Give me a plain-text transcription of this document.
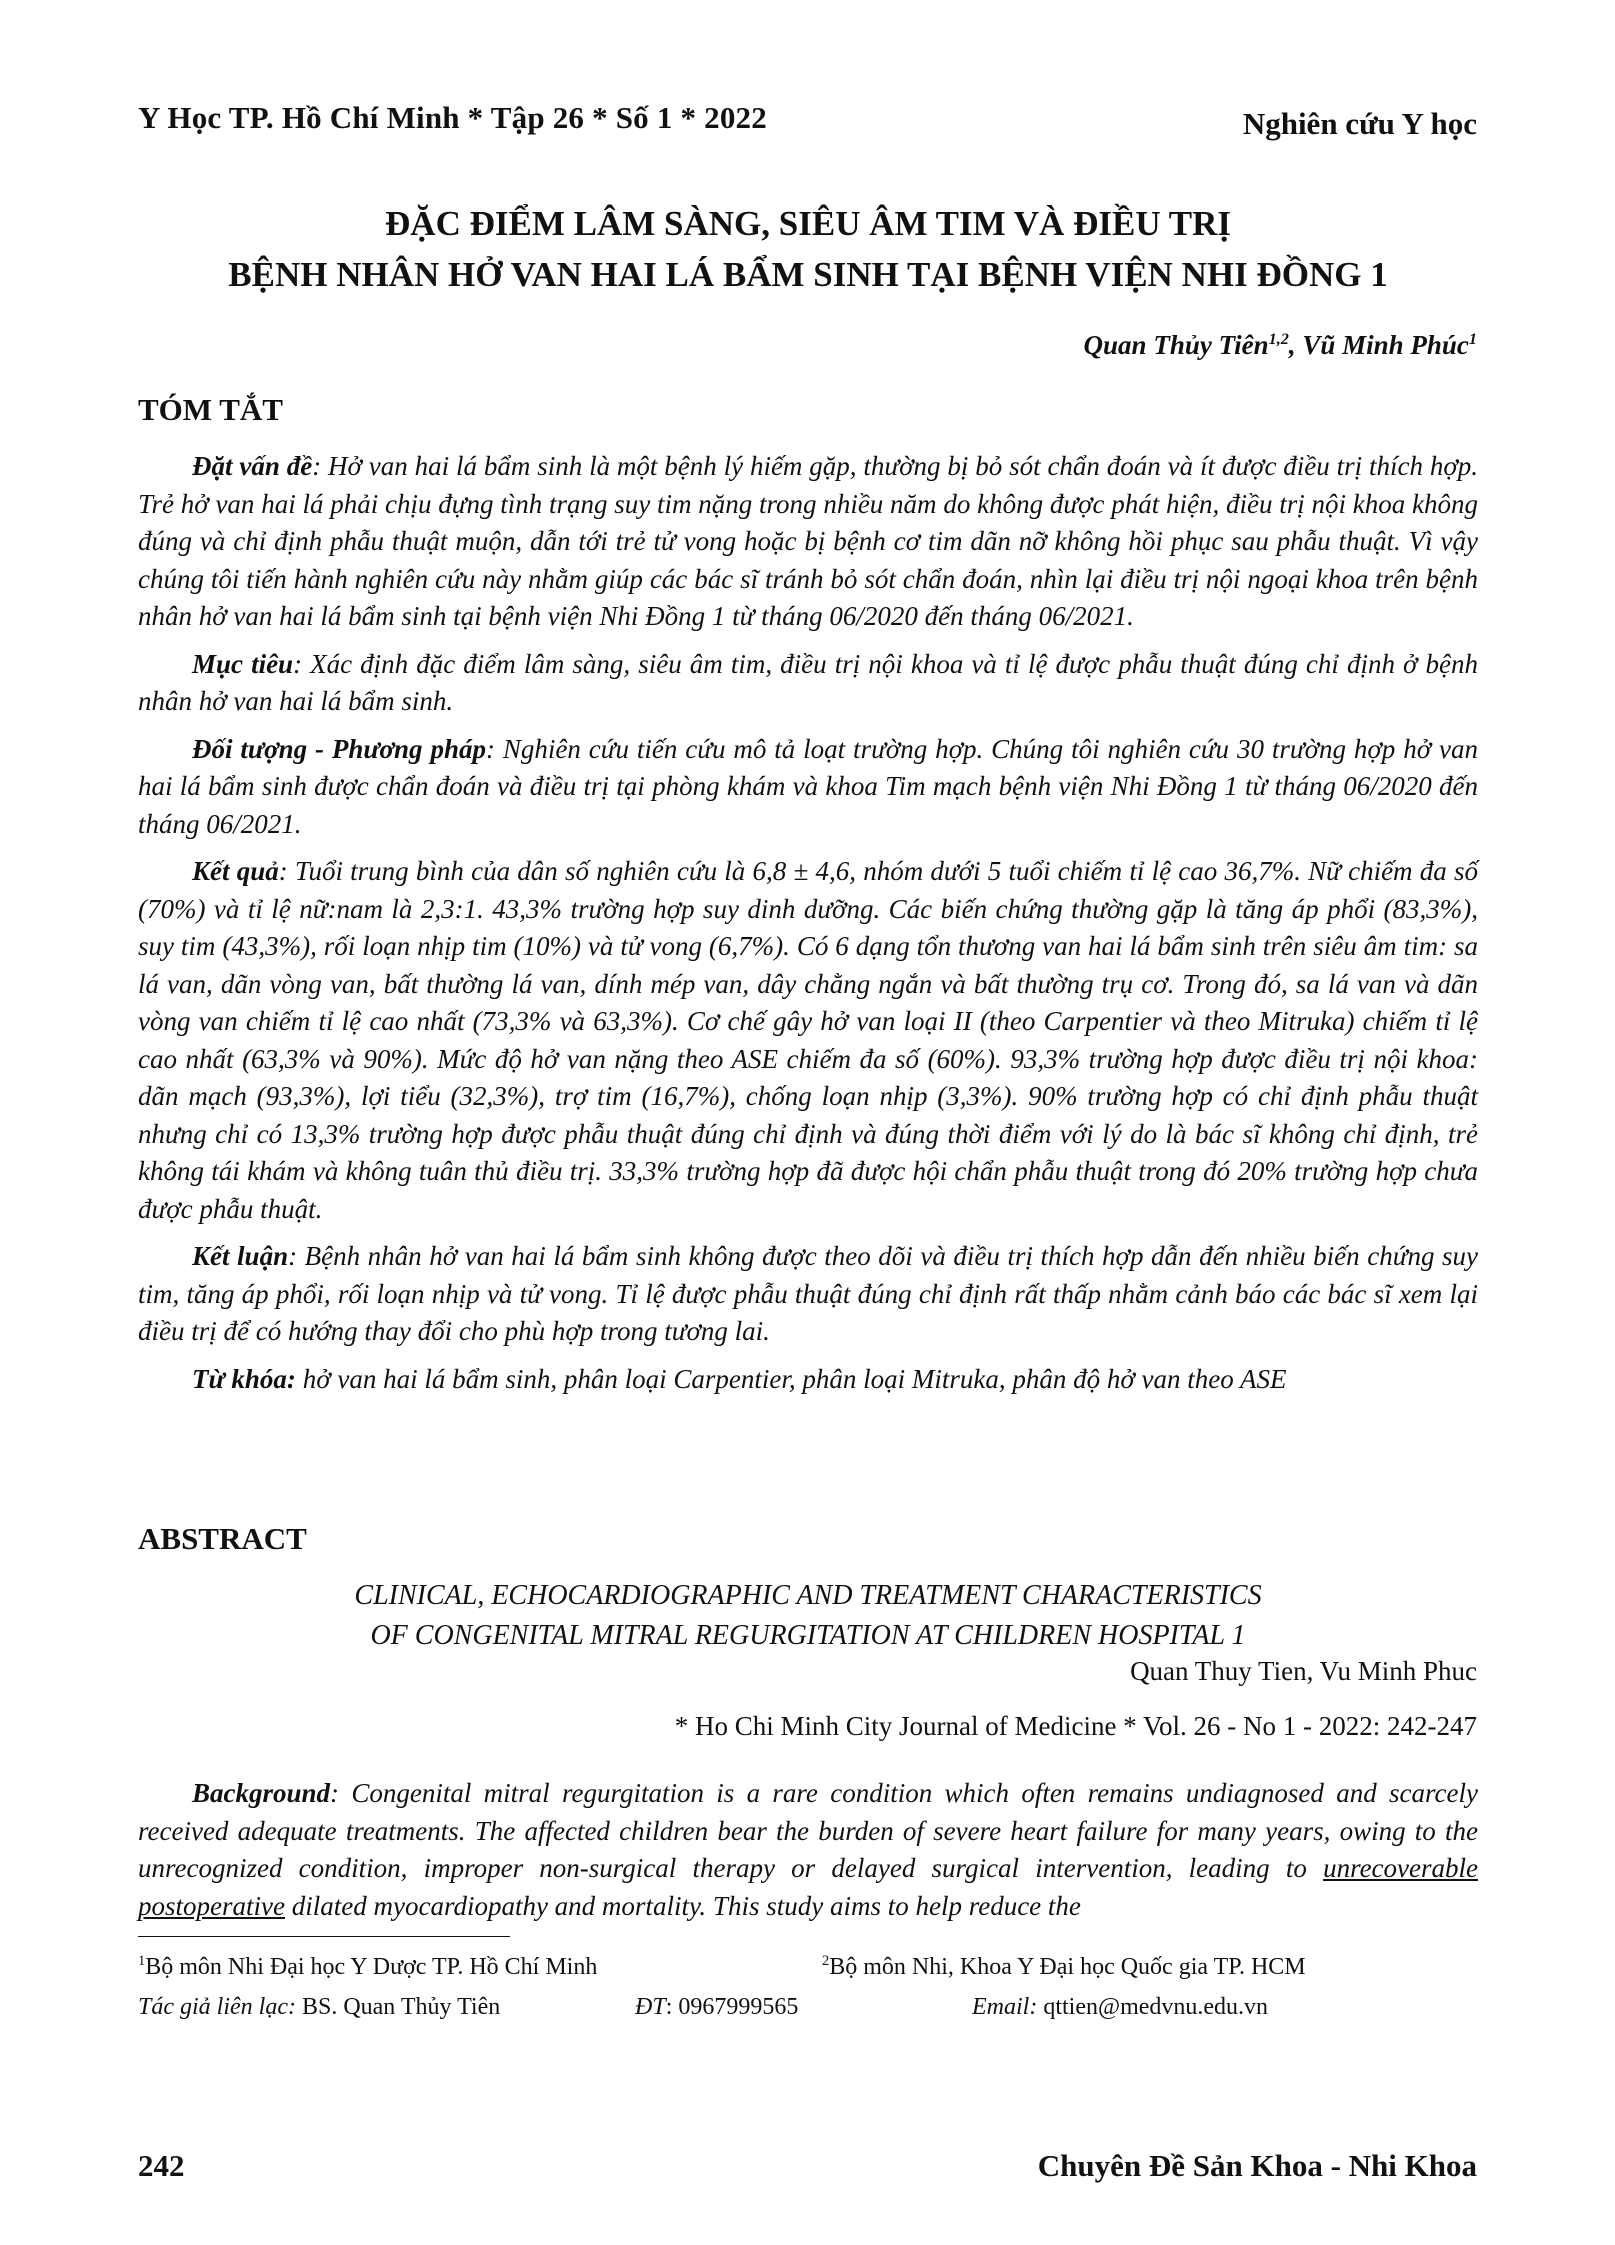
Y Học TP. Hồ Chí Minh * Tập 26 * Số 1 * 2022	Nghiên cứu Y học
ĐẶC ĐIỂM LÂM SÀNG, SIÊU ÂM TIM VÀ ĐIỀU TRỊ
BỆNH NHÂN HỞ VAN HAI LÁ BẨM SINH TẠI BỆNH VIỆN NHI ĐỒNG 1
Quan Thủy Tiên$^{1,2}$, Vũ Minh Phúc$^1$
TÓM TẮT

Đặt vấn đề: Hở van hai lá bẩm sinh là một bệnh lý hiếm gặp, thường bị bỏ sót chẩn đoán và ít được điều trị thích hợp. Trẻ hở van hai lá phải chịu đựng tình trạng suy tim nặng trong nhiều năm do không được phát hiện, điều trị nội khoa không đúng và chỉ định phẫu thuật muộn, dẫn tới trẻ tử vong hoặc bị bệnh cơ tim dãn nỡ không hồi phục sau phẫu thuật. Vì vậy chúng tôi tiến hành nghiên cứu này nhằm giúp các bác sĩ tránh bỏ sót chẩn đoán, nhìn lại điều trị nội ngoại khoa trên bệnh nhân hở van hai lá bẩm sinh tại bệnh viện Nhi Đồng 1 từ tháng 06/2020 đến tháng 06/2021.

Mục tiêu: Xác định đặc điểm lâm sàng, siêu âm tim, điều trị nội khoa và tỉ lệ được phẫu thuật đúng chỉ định ở bệnh nhân hở van hai lá bẩm sinh.

Đối tượng - Phương pháp: Nghiên cứu tiến cứu mô tả loạt trường hợp. Chúng tôi nghiên cứu 30 trường hợp hở van hai lá bẩm sinh được chẩn đoán và điều trị tại phòng khám và khoa Tim mạch bệnh viện Nhi Đồng 1 từ tháng 06/2020 đến tháng 06/2021.

Kết quả: Tuổi trung bình của dân số nghiên cứu là 6,8 ± 4,6, nhóm dưới 5 tuổi chiếm tỉ lệ cao 36,7%. Nữ chiếm đa số (70%) và tỉ lệ nữ:nam là 2,3:1. 43,3% trường hợp suy dinh dưỡng. Các biến chứng thường gặp là tăng áp phổi (83,3%), suy tim (43,3%), rối loạn nhịp tim (10%) và tử vong (6,7%). Có 6 dạng tổn thương van hai lá bẩm sinh trên siêu âm tim: sa lá van, dãn vòng van, bất thường lá van, dính mép van, dây chằng ngắn và bất thường trụ cơ. Trong đó, sa lá van và dãn vòng van chiếm tỉ lệ cao nhất (73,3% và 63,3%). Cơ chế gây hở van loại II (theo Carpentier và theo Mitruka) chiếm tỉ lệ cao nhất (63,3% và 90%). Mức độ hở van nặng theo ASE chiếm đa số (60%). 93,3% trường hợp được điều trị nội khoa: dãn mạch (93,3%), lợi tiểu (32,3%), trợ tim (16,7%), chống loạn nhịp (3,3%). 90% trường hợp có chỉ định phẫu thuật nhưng chỉ có 13,3% trường hợp được phẫu thuật đúng chỉ định và đúng thời điểm với lý do là bác sĩ không chỉ định, trẻ không tái khám và không tuân thủ điều trị. 33,3% trường hợp đã được hội chẩn phẫu thuật trong đó 20% trường hợp chưa được phẫu thuật.

Kết luận: Bệnh nhân hở van hai lá bẩm sinh không được theo dõi và điều trị thích hợp dẫn đến nhiều biến chứng suy tim, tăng áp phổi, rối loạn nhịp và tử vong. Tỉ lệ được phẫu thuật đúng chỉ định rất thấp nhằm cảnh báo các bác sĩ xem lại điều trị để có hướng thay đổi cho phù hợp trong tương lai.

Từ khóa: hở van hai lá bẩm sinh, phân loại Carpentier, phân loại Mitruka, phân độ hở van theo ASE

ABSTRACT
CLINICAL, ECHOCARDIOGRAPHIC AND TREATMENT CHARACTERISTICS
OF CONGENITAL MITRAL REGURGITATION AT CHILDREN HOSPITAL 1
Quan Thuy Tien, Vu Minh Phuc
* Ho Chi Minh City Journal of Medicine * Vol. 26 - No 1 - 2022: 242-247

Background: Congenital mitral regurgitation is a rare condition which often remains undiagnosed and scarcely received adequate treatments. The affected children bear the burden of severe heart failure for many years, owing to the unrecognized condition, improper non-surgical therapy or delayed surgical intervention, leading to unrecoverable postoperative dilated myocardiopathy and mortality. This study aims to help reduce the

$^1$Bộ môn Nhi Đại học Y Dược TP. Hồ Chí Minh	$^2$Bộ môn Nhi, Khoa Y Đại học Quốc gia TP. HCM
Tác giả liên lạc: BS. Quan Thủy Tiên	ĐT: 0967999565	Email: qttien@medvnu.edu.vn
242	Chuyên Đề Sản Khoa - Nhi Khoa
